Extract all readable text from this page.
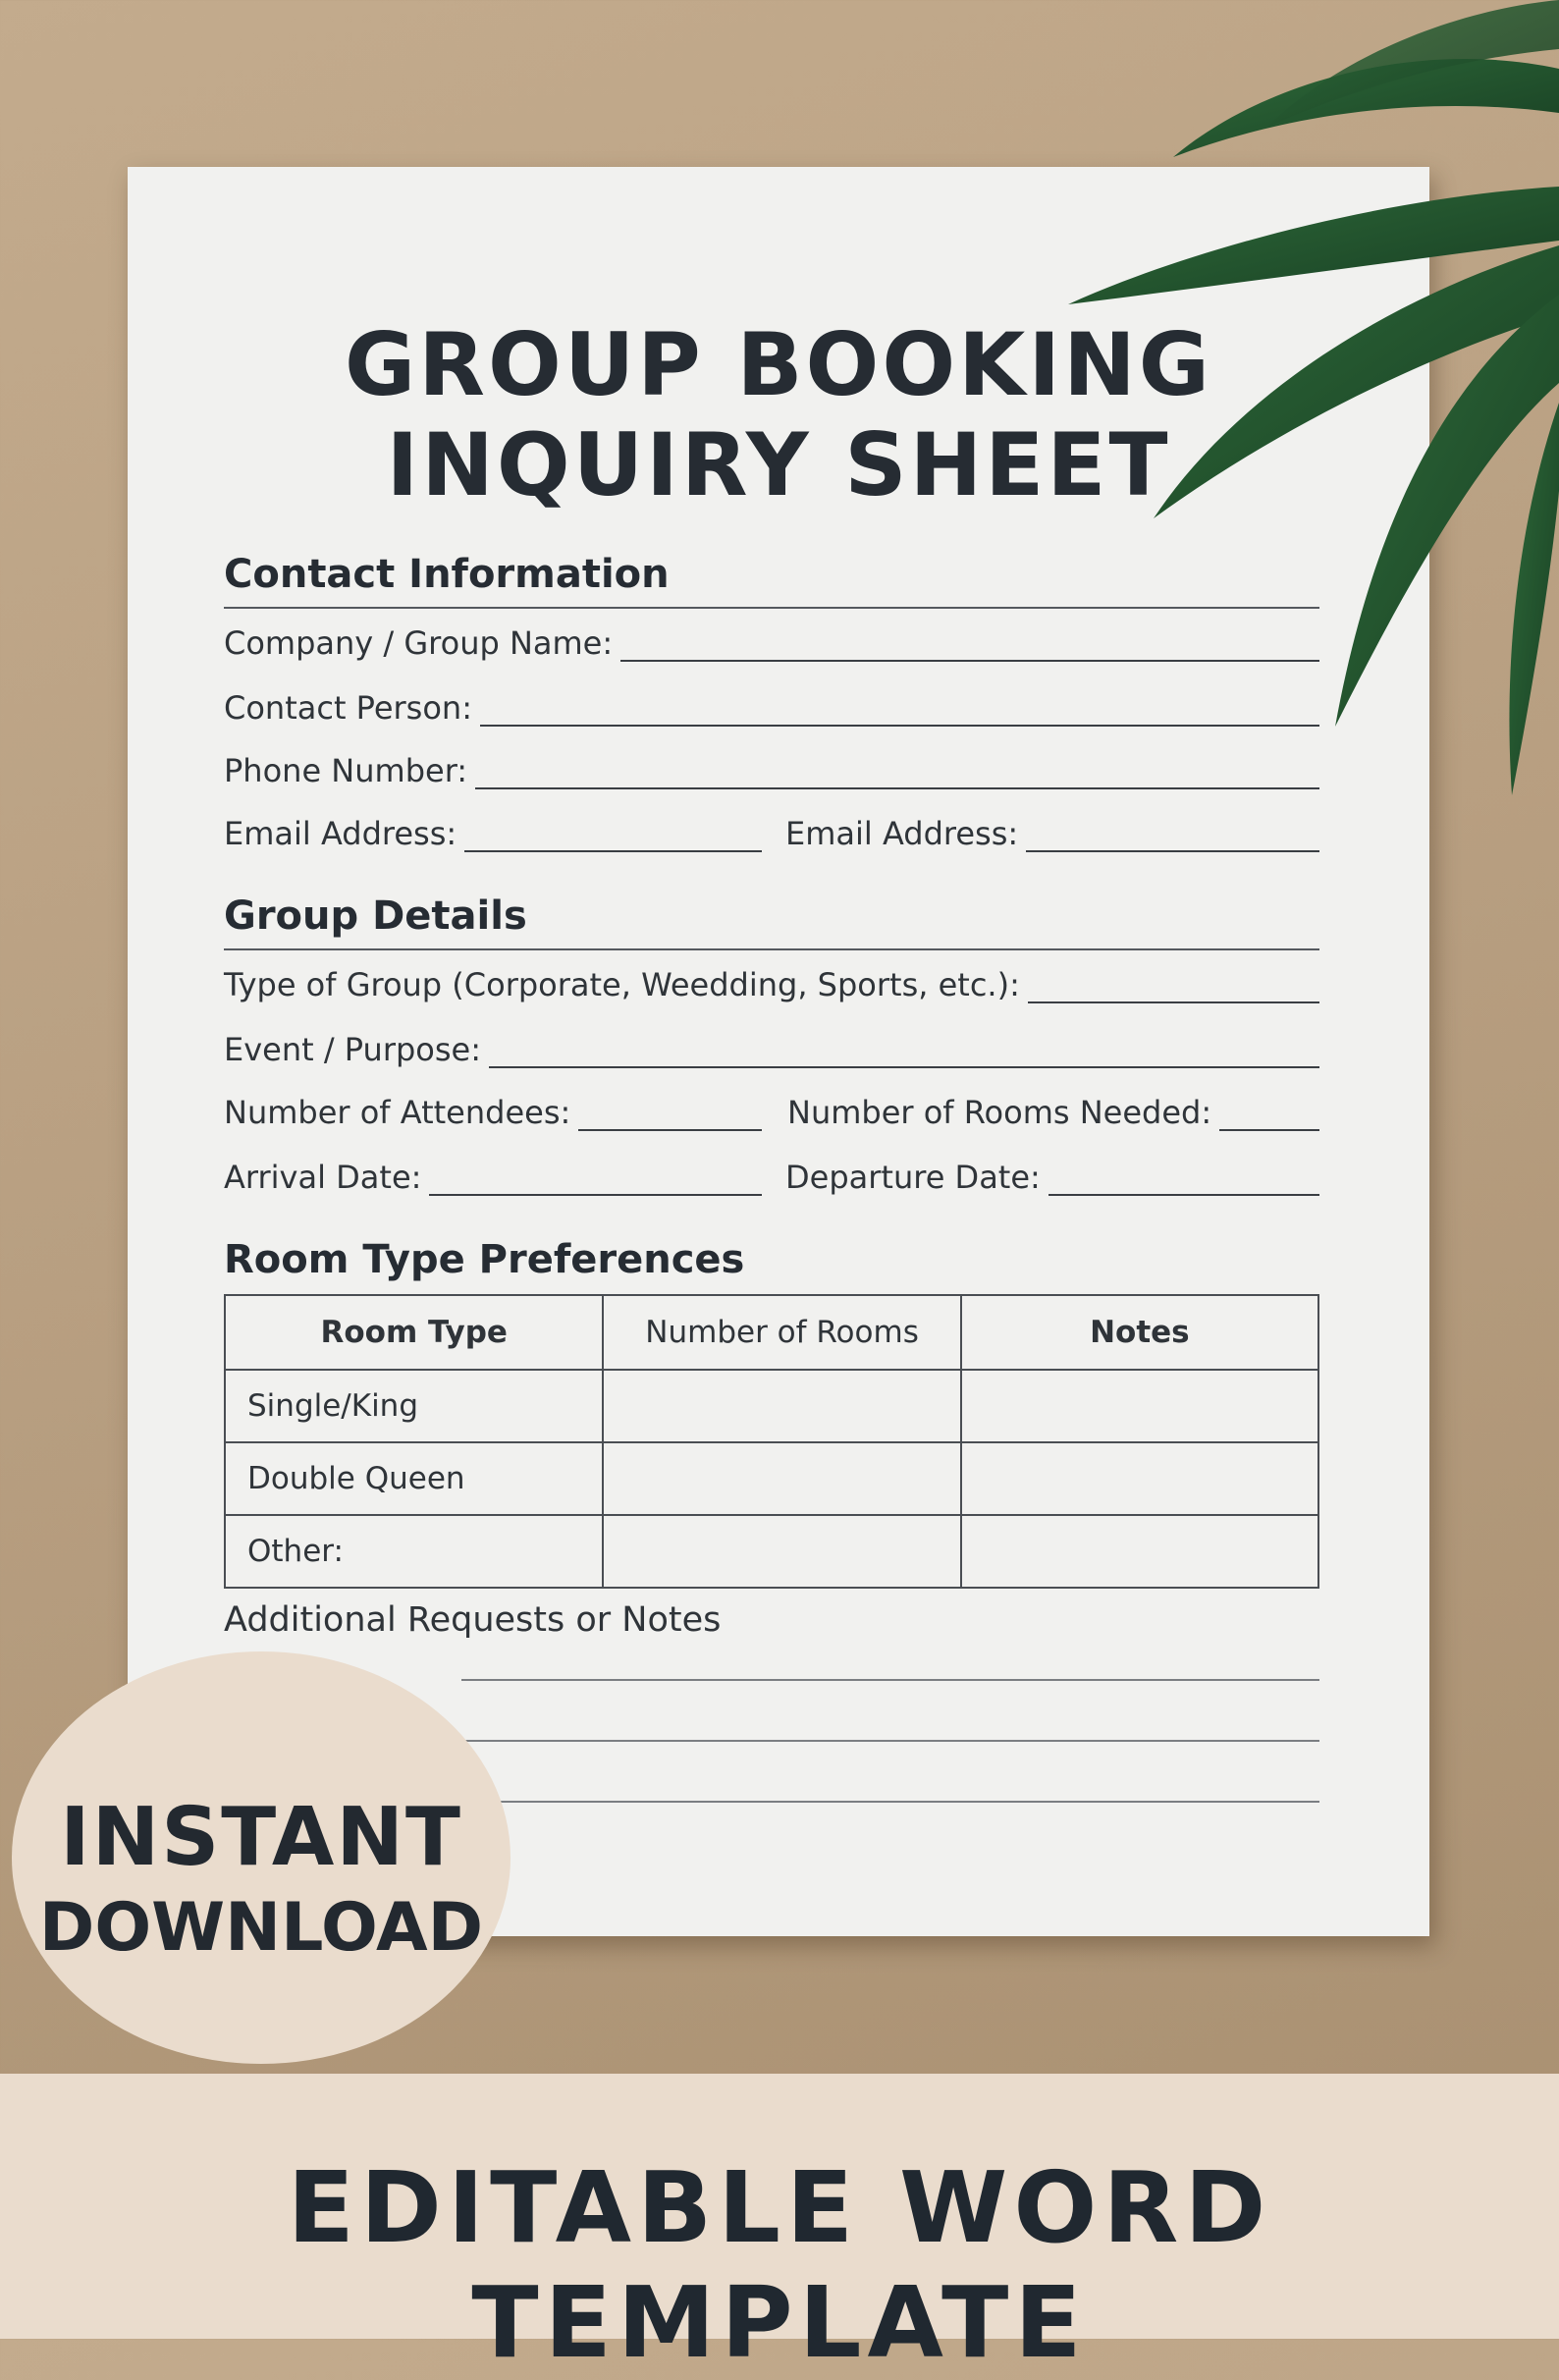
GROUP BOOKING
INQUIRY SHEET
Contact Information
Company / Group Name:
Contact Person:
Phone Number:
Email Address:	Email Address:
Group Details
Type of Group (Corporate, Weedding, Sports, etc.):
Event / Purpose:
Number of Attendees:	Number of Rooms Needed:
Arrival Date:	Departure Date:
Room Type Preferences
Room Type	Number of Rooms	Notes
Single/King		
Double Queen		
Other:		
Additional Requests or Notes

EDITABLE WORD TEMPLATE

INSTANT

DOWNLOAD
